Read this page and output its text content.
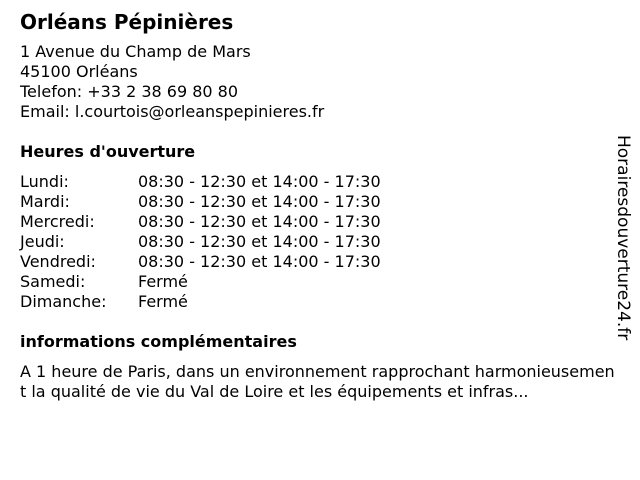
Orléans Pépinières
1 Avenue du Champ de Mars
45100 Orléans
Telefon: +33 2 38 69 80 80
Email: l.courtois@orleanspepinieres.fr
Heures d'ouverture
Lundi:	08:30 - 12:30 et 14:00 - 17:30
Mardi:	08:30 - 12:30 et 14:00 - 17:30
Mercredi:	08:30 - 12:30 et 14:00 - 17:30
Jeudi:	08:30 - 12:30 et 14:00 - 17:30
Vendredi:	08:30 - 12:30 et 14:00 - 17:30
Samedi:	Fermé
Dimanche:	Fermé
informations complémentaires
A 1 heure de Paris, dans un environnement rapprochant harmonieusement la qualité de vie du Val de Loire et les équipements et infras...
Horairesdouverture24.fr
